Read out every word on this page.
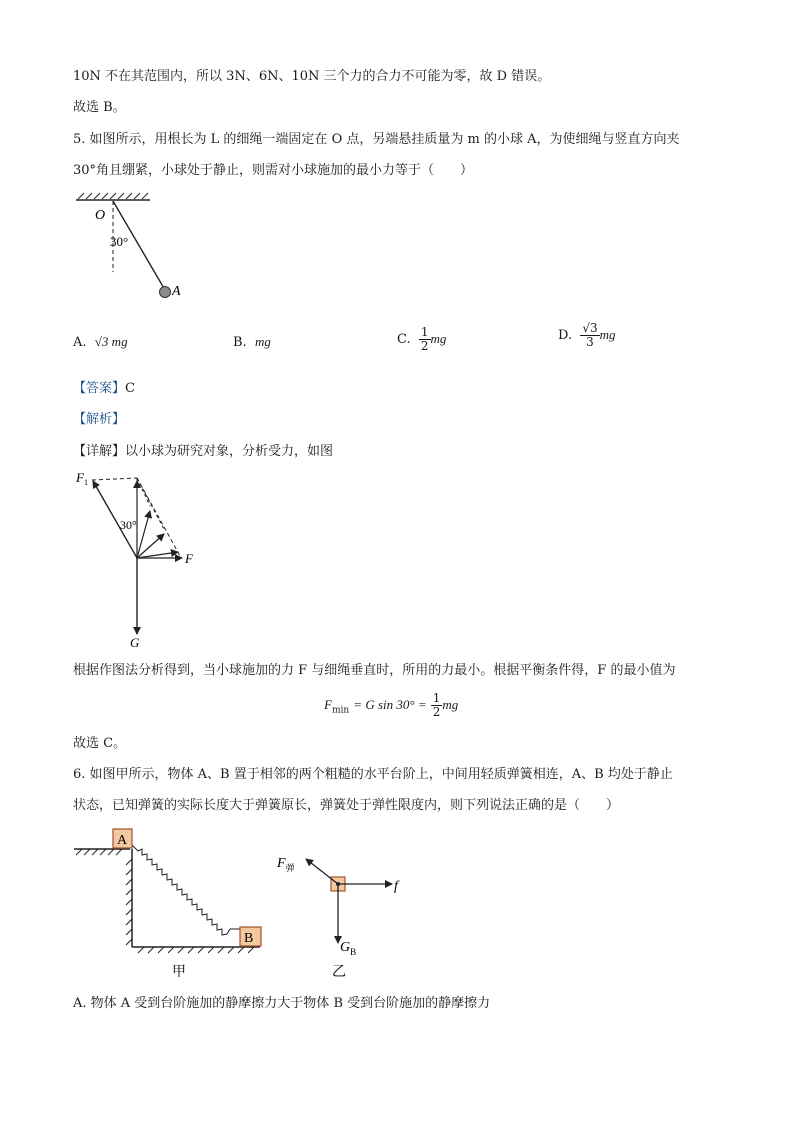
10N 不在其范围内，所以 3N、6N、10N 三个力的合力不可能为零，故 D 错误。
故选 B。
5. 如图所示，用根长为 L 的细绳一端固定在 O 点，另端悬挂质量为 m 的小球 A，为使细绳与竖直方向夹
30°角且绷紧，小球处于静止，则需对小球施加的最小力等于（　　）
O
30°
A
A. √3 mg	B. mg	C. $\frac{1}{2}$ mg	D. $\frac{√3}{3}$ mg
【答案】C
【解析】
【详解】以小球为研究对象，分析受力，如图
$F_1$
30°
F
G
根据作图法分析得到，当小球施加的力 F 与细绳垂直时，所用的力最小。根据平衡条件得，F 的最小值为
$F_{min} = G$ $\sin 30^\circ = \frac{1}{2}$ mg
故选 C。
6. 如图甲所示，物体 A、B 置于相邻的两个粗糙的水平台阶上，中间用轻质弹簧相连，A、B 均处于静止
状态，已知弹簧的实际长度大于弹簧原长，弹簧处于弹性限度内，则下列说法正确的是（　　）
A
B
甲
$F_弹$
f
$G_B$
乙
A. 物体 A 受到台阶施加的静摩擦力大于物体 B 受到台阶施加的静摩擦力
